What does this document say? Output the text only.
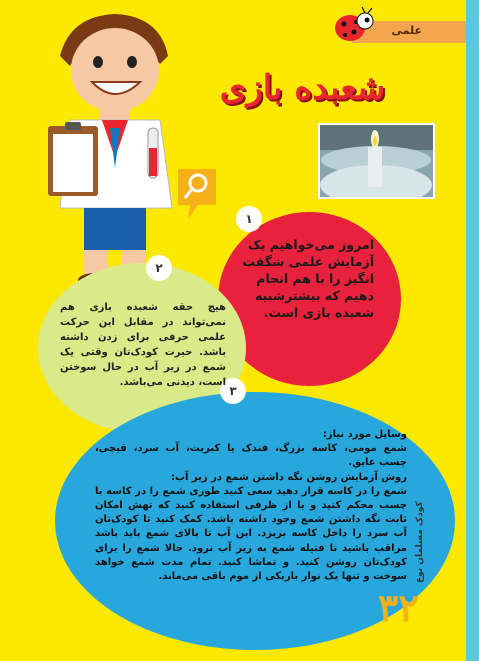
علمی
شعبده بازی
۱
۲
۳
امروز می‌خواهیم یک آزمایش علمی شگفت انگیز را با هم انجام دهیم که بیشترشبیه شعبده بازی است.
هیچ حقه شعبده بازی هم نمی‌تواند در مقابل این حرکت علمی حرفی برای زدن داشته باشد. حیرت کودک‌تان وقتی یک شمع در زیر آب در حال سوختن است، دیدنی می‌باشد.

وسایل مورد نیاز:

شمع مومی، کاسه بزرگ، فندک یا کبریت، آب سرد، قیچی، چسب عایق.

روش آزمایش روشن نگه داشتن شمع در زیر آب:

شمع را در کاسه قرار دهید سعی کنید طوری شمع را در کاسه با چسب محکم کنید و یا از ظرفی استفاده کنید که تهش امکان ثابت نگه داشتن شمع وجود داشته باشد. کمک کنید تا کودک‌تان آب سرد را داخل کاسه بریزد. این آب تا بالای شمع باید باشد مراقب باشید تا فتیله شمع به زیر آب نرود. حالا شمع را برای کودک‌تان روشن کنید. و تماشا کنید. تمام مدت شمع خواهد سوخت و تنها یک نوار باریکی از موم باقی می‌ماند. کودک مسلمان نوع
۳۲
